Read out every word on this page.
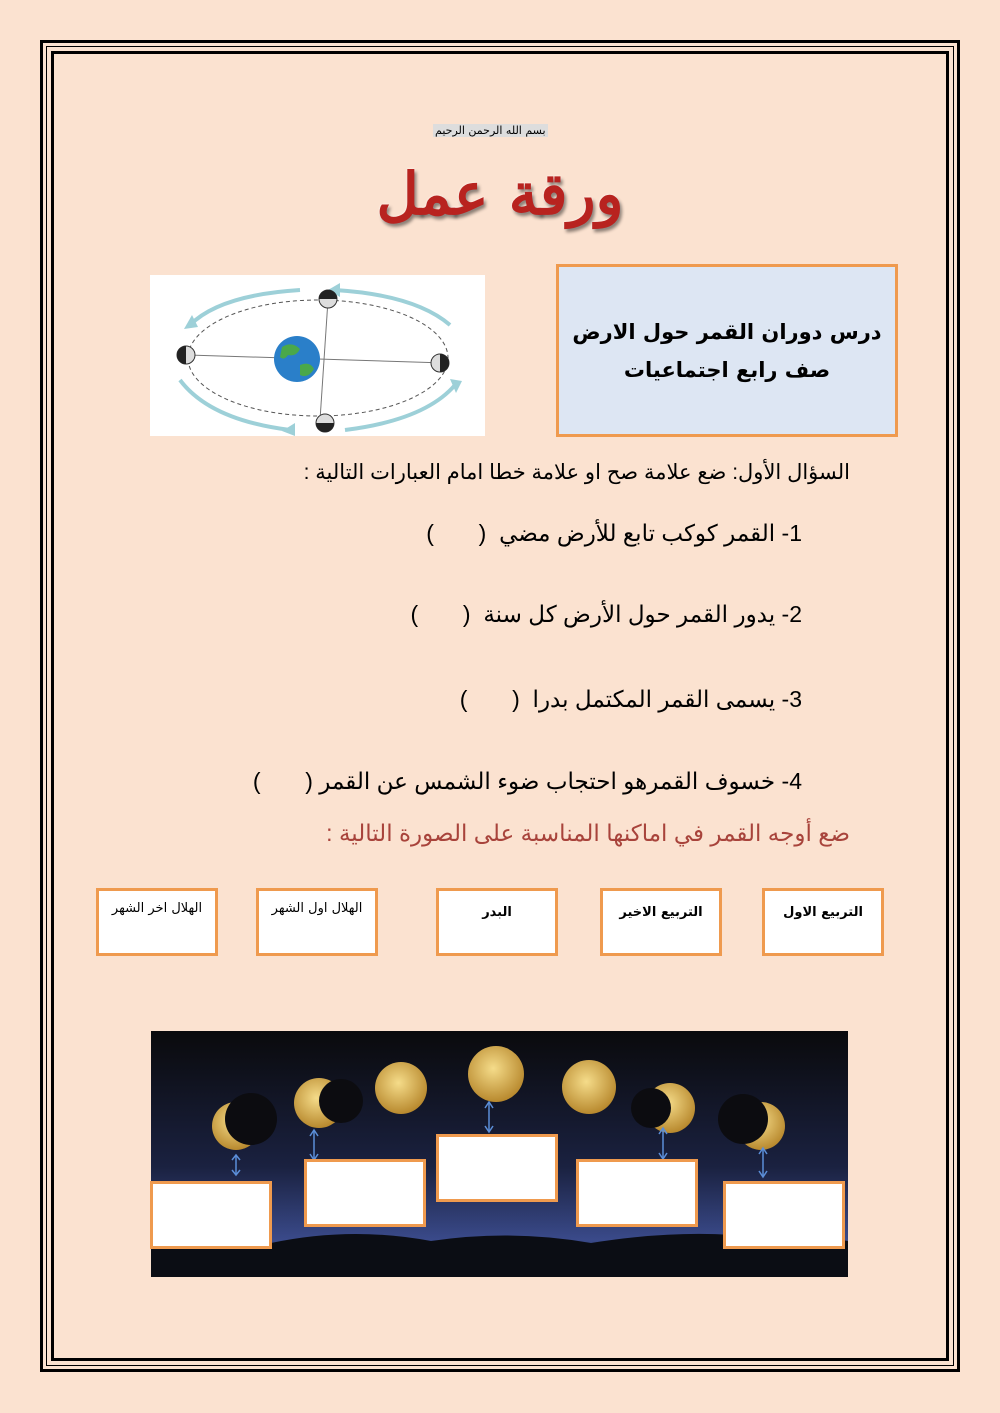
بسم الله الرحمن الرحيم
ورقة عمل
درس دوران القمر حول الارض
صف رابع اجتماعيات
السؤال الأول: ضع علامة صح او علامة خطا امام العبارات التالية :
1- القمر كوكب تابع للأرض مضي  (       )
2- يدور القمر حول الأرض كل سنة  (       )
3- يسمى القمر المكتمل بدرا  (       )
4- خسوف القمرهو احتجاب ضوء الشمس عن القمر (       )
ضع أوجه القمر في اماكنها المناسبة على الصورة التالية :
التربيع الاول
التربيع الاخير
البدر
الهلال اول الشهر
الهلال اخر الشهر
